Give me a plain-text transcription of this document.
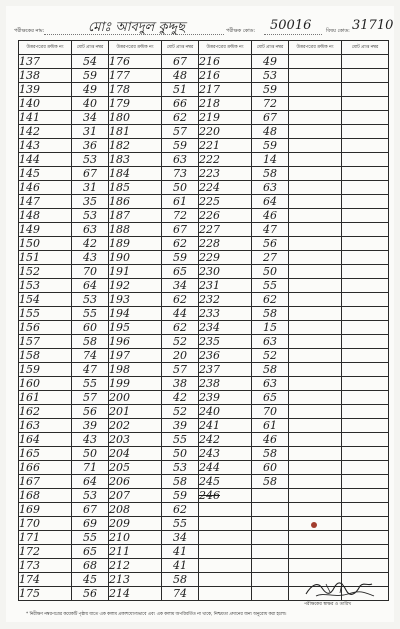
পরীক্ষকের নাম:	মোঃ আবদুল কুদ্দুছ	পরীক্ষক কোড: 50016	বিষয় কোড: 31710
উত্তরপত্রের ক্রমিক নং	মোট প্রাপ্ত নম্বর	উত্তরপত্রের ক্রমিক নং	মোট প্রাপ্ত নম্বর	উত্তরপত্রের ক্রমিক নং	মোট প্রাপ্ত নম্বর	উত্তরপত্রের ক্রমিক নং	মোট প্রাপ্ত নম্বর
137	54	176	67	216	49		
138	59	177	48	216	53		
139	49	178	51	217	59		
140	40	179	66	218	72		
141	34	180	62	219	67		
142	31	181	57	220	48		
143	36	182	59	221	59		
144	53	183	63	222	14		
145	67	184	73	223	58		
146	31	185	50	224	63		
147	35	186	61	225	64		
148	53	187	72	226	46		
149	63	188	67	227	47		
150	42	189	62	228	56		
151	43	190	59	229	27		
152	70	191	65	230	50		
153	64	192	34	231	55		
154	53	193	62	232	62		
155	55	194	44	233	58		
156	60	195	62	234	15		
157	58	196	52	235	63		
158	74	197	20	236	52		
159	47	198	57	237	58		
160	55	199	38	238	63		
161	57	200	42	239	65		
162	56	201	52	240	70		
163	39	202	39	241	61		
164	43	203	55	242	46		
165	50	204	50	243	58		
166	71	205	53	244	60		
167	64	206	58	245	58		
168	53	207	59	246			
169	67	208	62				
170	69	209	55				
171	55	210	34				
172	65	211	41				
173	68	212	41				
174	45	213	58				
175	56	214	74				
পরীক্ষকের স্বাক্ষর ও তারিখ
* নিরীক্ষণ নম্বরপত্রের কয়েকটি পৃষ্ঠায় যাতে এক কলাম প্রকাশযোগ্যভাবে এবং এক কলাম অপরিবর্তিত না থাকে, নিশ্চয়তা প্রদানের জন্য অনুরোধ করা হলো।
